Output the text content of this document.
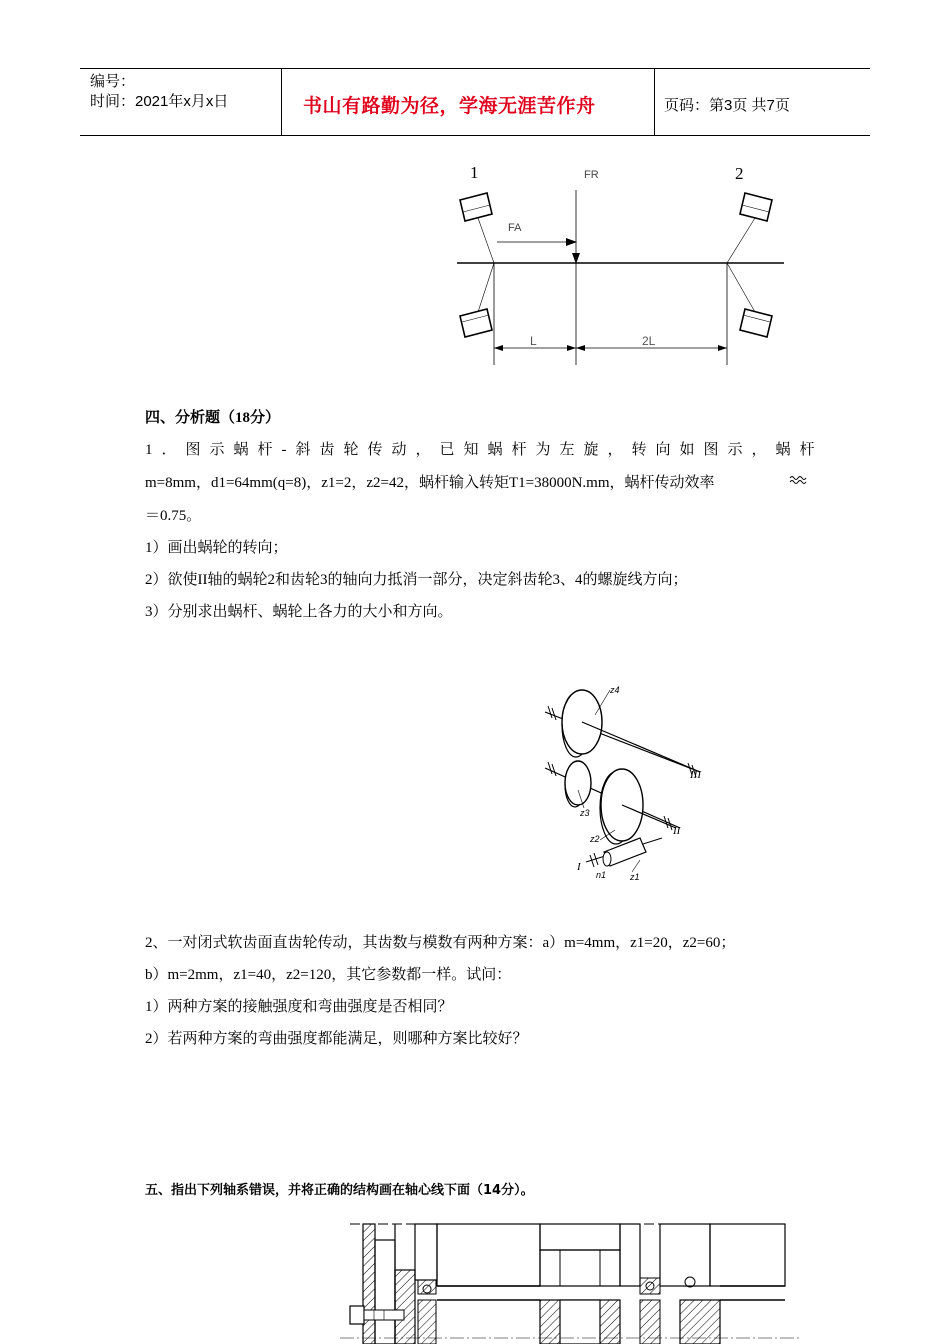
编号：
时间：2021年x月x日	书山有路勤为径，学海无涯苦作舟	页码：第3页 共7页
1	2
FR
FA
L	2L
四、分析题（18分）
1．图示蜗杆-斜齿轮传动，已知蜗杆为左旋，转向如图示，蜗杆
m=8mm，d1=64mm(q=8)，z1=2，z2=42，蜗杆输入转矩T1=38000N.mm，蜗杆传动效率
＝0.75。
1）画出蜗轮的转向；
2）欲使II轴的蜗轮2和齿轮3的轴向力抵消一部分，决定斜齿轮3、4的螺旋线方向；
3）分别求出蜗杆、蜗轮上各力的大小和方向。
z4
z3
z2
z1
n1
I
II
III
2、一对闭式软齿面直齿轮传动，其齿数与模数有两种方案：a）m=4mm，z1=20，z2=60；
b）m=2mm，z1=40，z2=120，其它参数都一样。试问：
1）两种方案的接触强度和弯曲强度是否相同？
2）若两种方案的弯曲强度都能满足，则哪种方案比较好？
五、指出下列轴系错误，并将正确的结构画在轴心线下面（14分）。
